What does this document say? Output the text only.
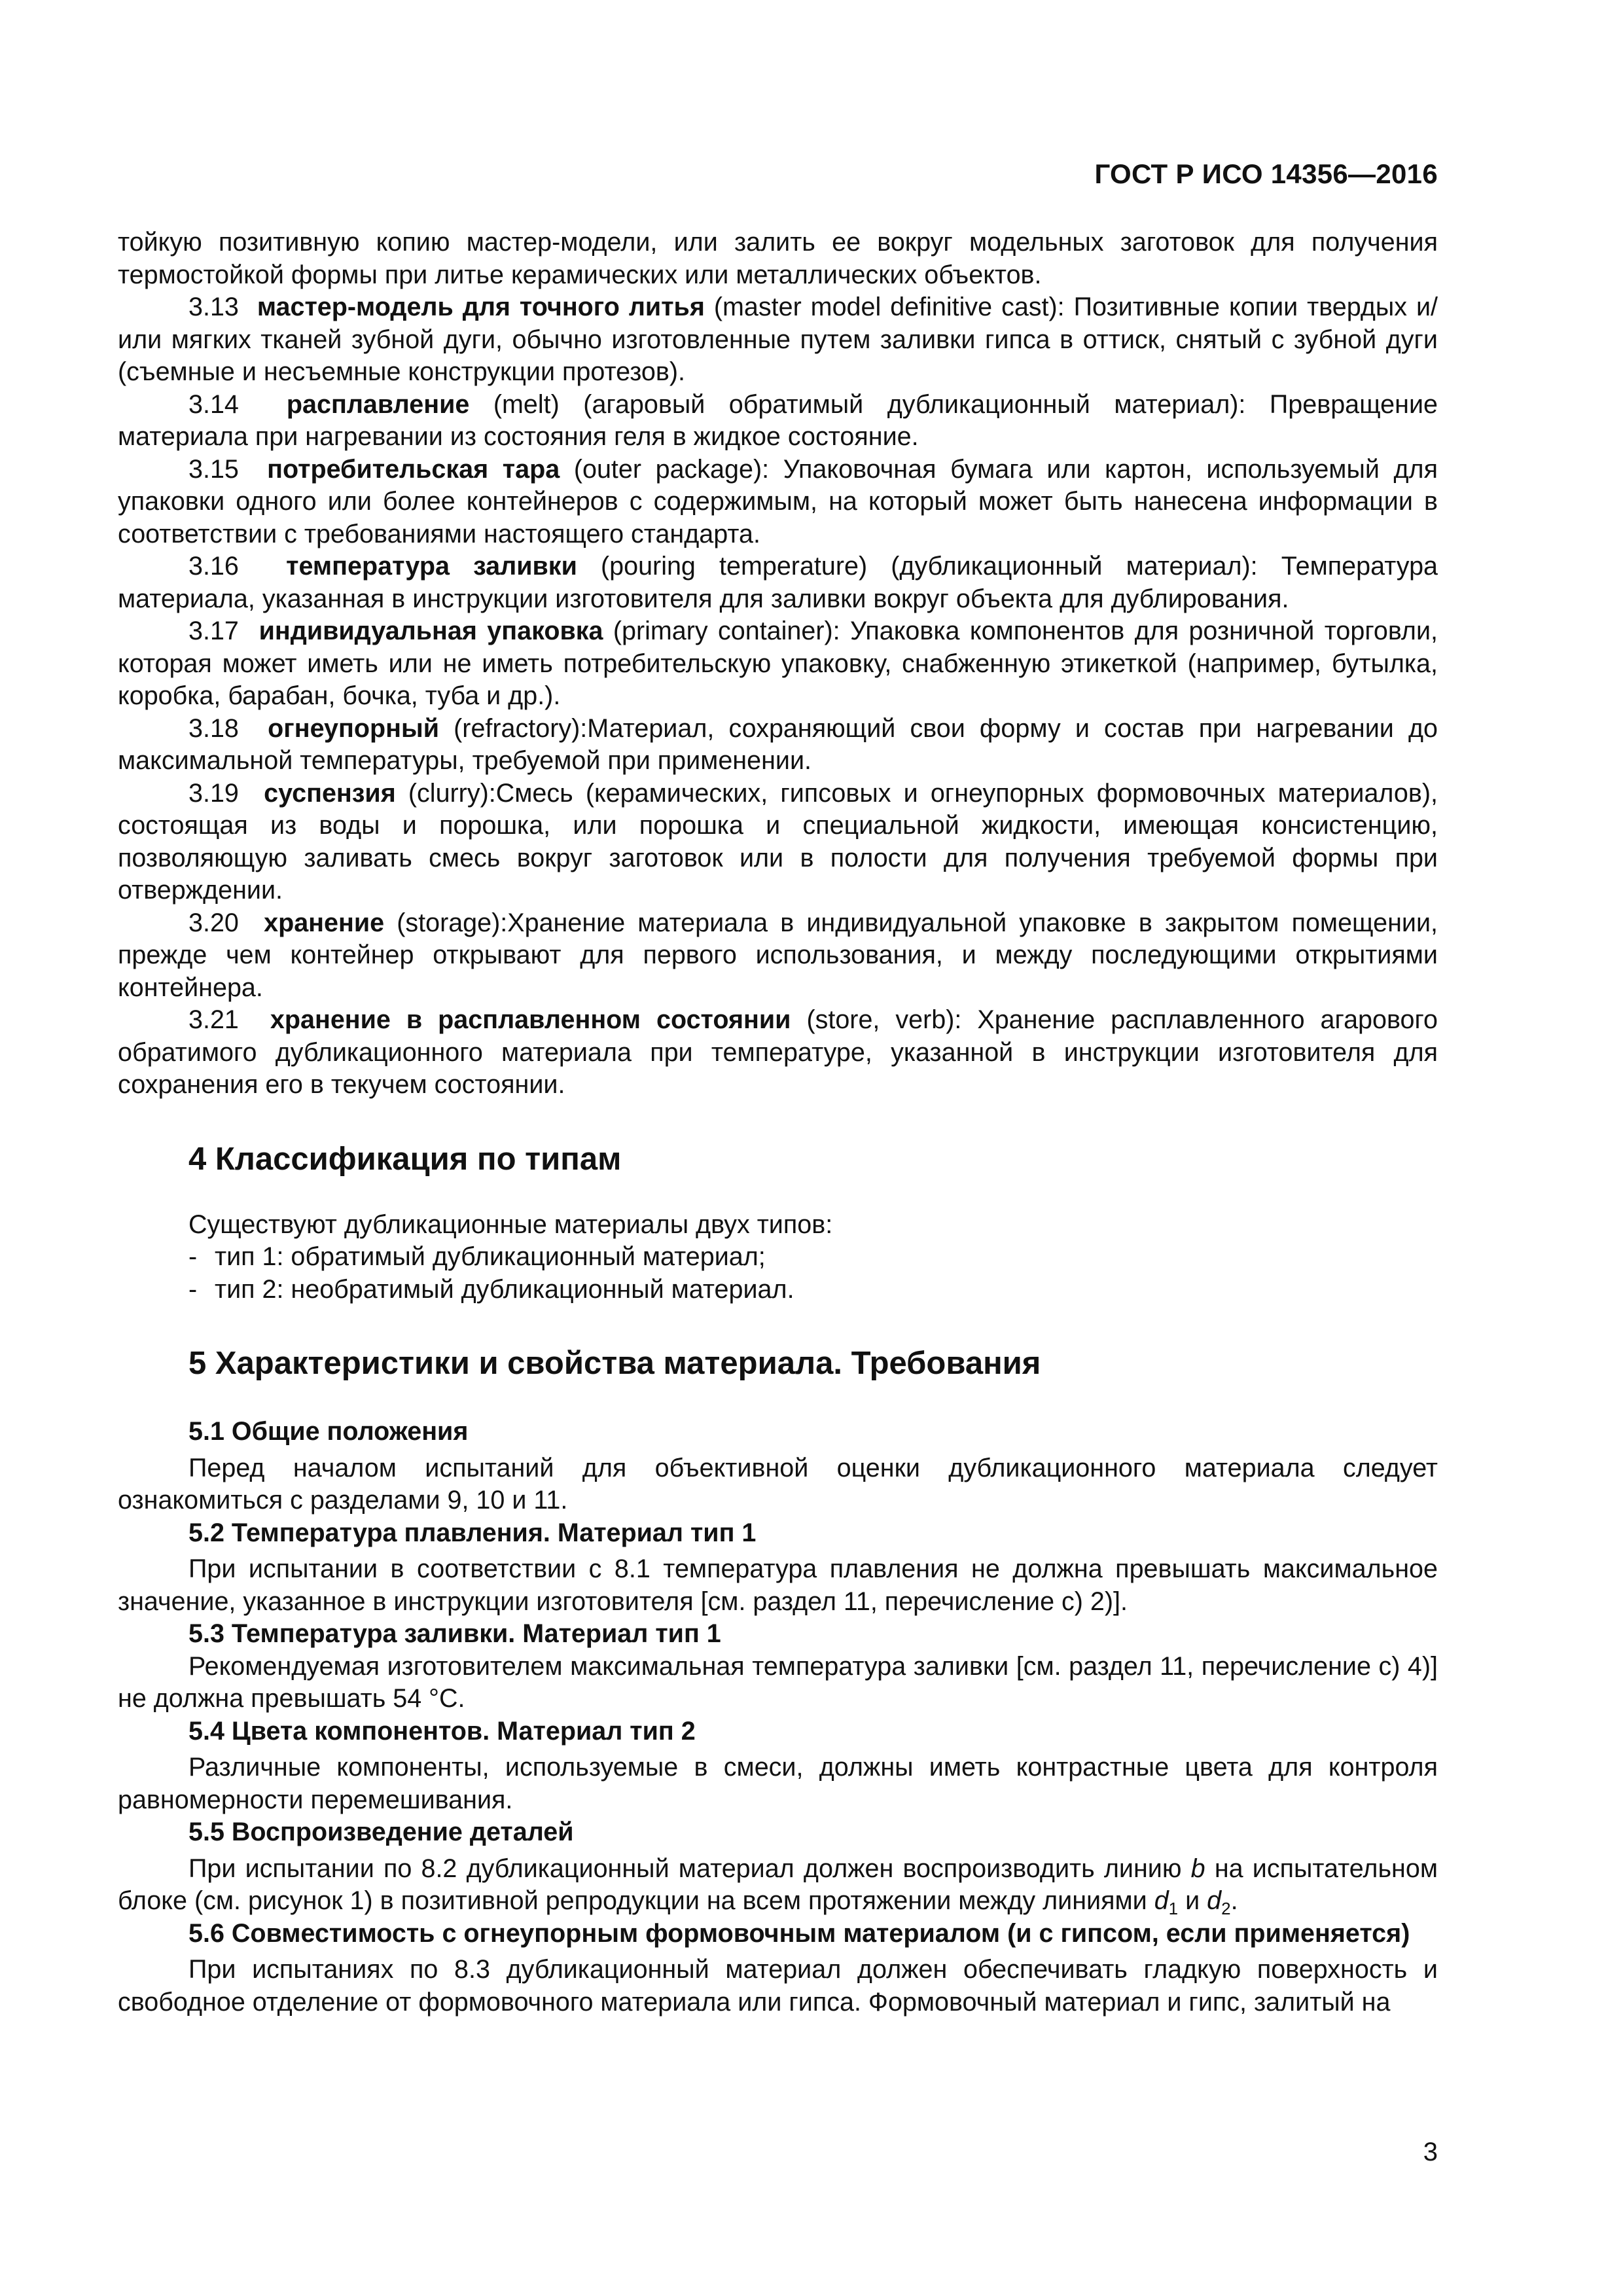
ГОСТ Р ИСО 14356—2016

тойкую позитивную копию мастер-модели, или залить ее вокруг модельных заготовок для получения термостойкой формы при литье керамических или металлических объектов.

3.13 мастер-модель для точного литья (master model definitive cast): Позитивные копии твердых и/или мягких тканей зубной дуги, обычно изготовленные путем заливки гипса в оттиск, снятый с зубной дуги (съемные и несъемные конструкции протезов).

3.14 расплавление (melt) (агаровый обратимый дубликационный материал): Превращение материала при нагревании из состояния геля в жидкое состояние.

3.15 потребительская тара (outer package): Упаковочная бумага или картон, используемый для упаковки одного или более контейнеров с содержимым, на который может быть нанесена информации в соответствии с требованиями настоящего стандарта.

3.16 температура заливки (pouring temperature) (дубликационный материал): Температура материала, указанная в инструкции изготовителя для заливки вокруг объекта для дублирования.

3.17 индивидуальная упаковка (primary container): Упаковка компонентов для розничной торговли, которая может иметь или не иметь потребительскую упаковку, снабженную этикеткой (например, бутылка, коробка, барабан, бочка, туба и др.).

3.18 огнеупорный (refractory):Материал, сохраняющий свои форму и состав при нагревании до максимальной температуры, требуемой при применении.

3.19 суспензия (clurry):Смесь (керамических, гипсовых и огнеупорных формовочных материалов), состоящая из воды и порошка, или порошка и специальной жидкости, имеющая консистенцию, позволяющую заливать смесь вокруг заготовок или в полости для получения требуемой формы при отверждении.

3.20 хранение (storage):Хранение материала в индивидуальной упаковке в закрытом помещении, прежде чем контейнер открывают для первого использования, и между последующими открытиями контейнера.

3.21 хранение в расплавленном состоянии (store, verb): Хранение расплавленного агарового обратимого дубликационного материала при температуре, указанной в инструкции изготовителя для сохранения его в текучем состоянии.

4 Классификация по типам

Существуют дубликационные материалы двух типов:

- тип 1: обратимый дубликационный материал;

- тип 2: необратимый дубликационный материал.

5 Характеристики и свойства материала. Требования

5.1 Общие положения

Перед началом испытаний для объективной оценки дубликационного материала следует ознакомиться с разделами 9, 10 и 11.

5.2 Температура плавления. Материал тип 1

При испытании в соответствии с 8.1 температура плавления не должна превышать максимальное значение, указанное в инструкции изготовителя [см. раздел 11, перечисление с) 2)].

5.3 Температура заливки. Материал тип 1

Рекомендуемая изготовителем максимальная температура заливки [см. раздел 11, перечисление с) 4)] не должна превышать 54 °С.

5.4 Цвета компонентов. Материал тип 2

Различные компоненты, используемые в смеси, должны иметь контрастные цвета для контроля равномерности перемешивания.

5.5 Воспроизведение деталей

При испытании по 8.2 дубликационный материал должен воспроизводить линию b на испытательном блоке (см. рисунок 1) в позитивной репродукции на всем протяжении между линиями $d_1$ и $d_2$.

5.6 Совместимость с огнеупорным формовочным материалом (и с гипсом, если применяется)

При испытаниях по 8.3 дубликационный материал должен обеспечивать гладкую поверхность и свободное отделение от формовочного материала или гипса. Формовочный материал и гипс, залитый на

3
